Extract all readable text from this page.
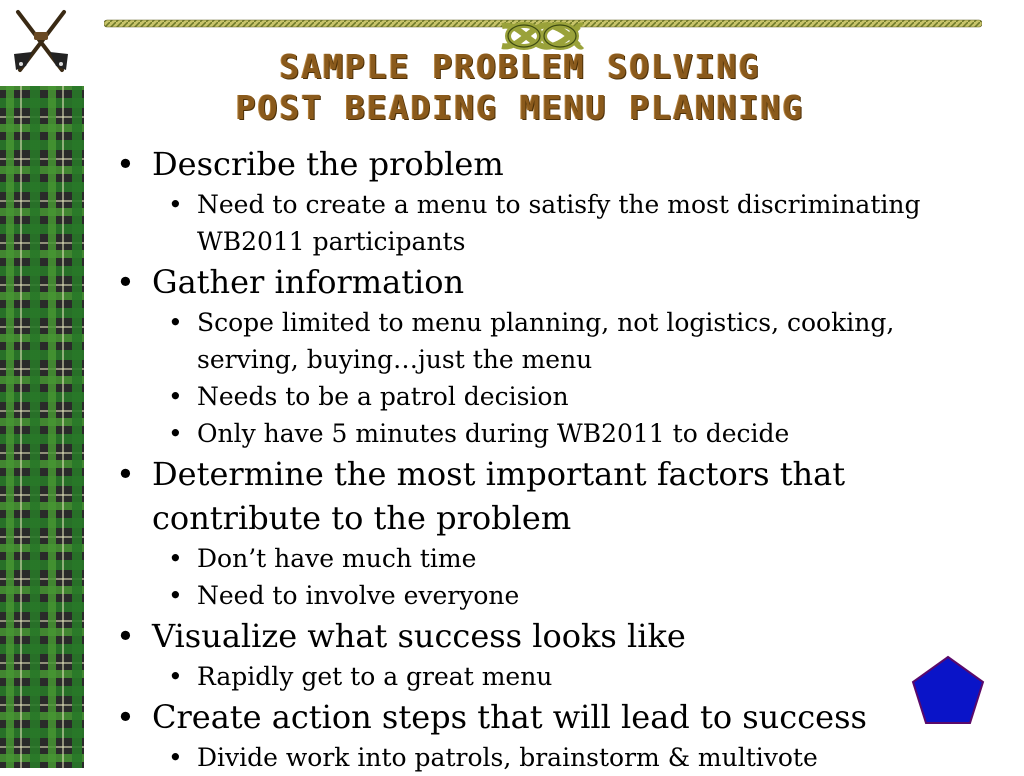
SAMPLE PROBLEM SOLVING
POST BEADING MENU PLANNING
• Describe the problem
• Need to create a menu to satisfy the most discriminating WB2011 participants
• Gather information
• Scope limited to menu planning, not logistics, cooking, serving, buying…just the menu
• Needs to be a patrol decision
• Only have 5 minutes during WB2011 to decide
• Determine the most important factors that contribute to the problem
• Don’t have much time
• Need to involve everyone
• Visualize what success looks like
• Rapidly get to a great menu
• Create action steps that will lead to success
• Divide work into patrols, brainstorm & multivote
